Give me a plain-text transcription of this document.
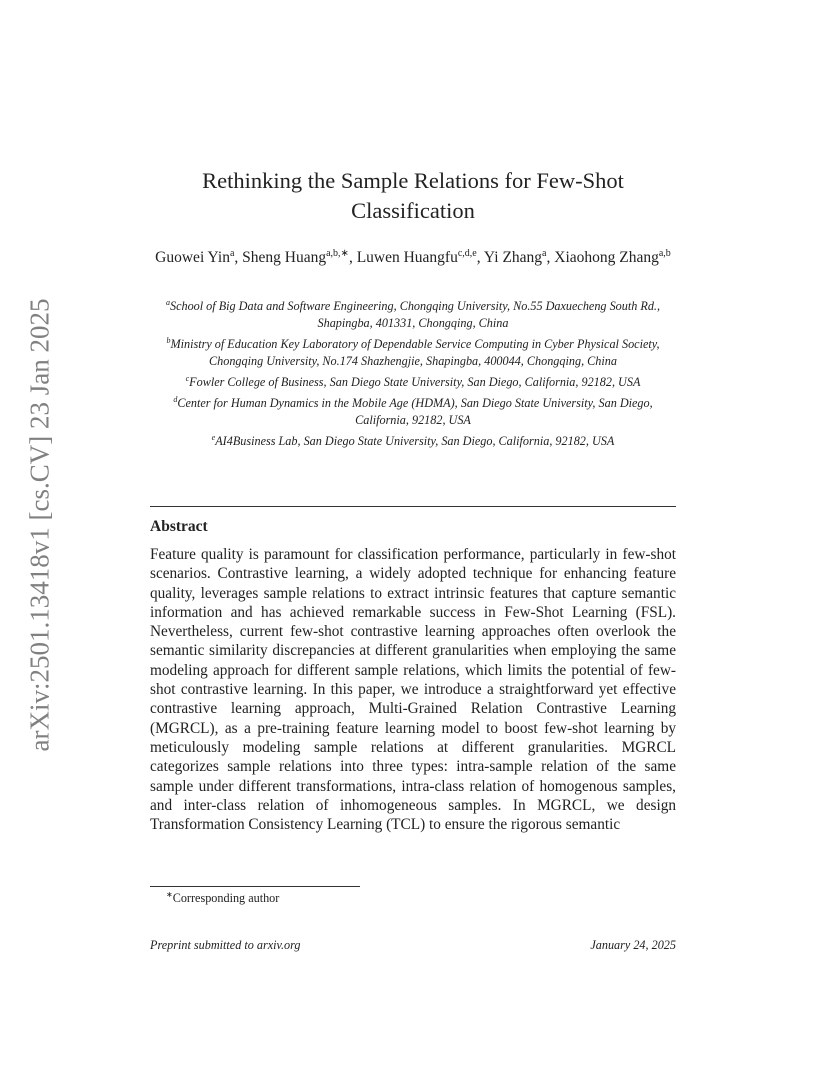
arXiv:2501.13418v1 [cs.CV] 23 Jan 2025
Rethinking the Sample Relations for Few-Shot
Classification
Guowei Yin$^a$, Sheng Huang$^{a,b,∗}$, Luwen Huangfu$^{c,d,e}$, Yi Zhang$^a$, Xiaohong Zhang$^{a,b}$
$^a$School of Big Data and Software Engineering, Chongqing University, No.55 Daxuecheng South Rd., Shapingba, 401331, Chongqing, China
$^b$Ministry of Education Key Laboratory of Dependable Service Computing in Cyber Physical Society, Chongqing University, No.174 Shazhengjie, Shapingba, 400044, Chongqing, China
$^c$Fowler College of Business, San Diego State University, San Diego, California, 92182, USA
$^d$Center for Human Dynamics in the Mobile Age (HDMA), San Diego State University, San Diego, California, 92182, USA
$^e$AI4Business Lab, San Diego State University, San Diego, California, 92182, USA
Abstract

Feature quality is paramount for classification performance, particularly in few-shot scenarios. Contrastive learning, a widely adopted technique for enhancing feature quality, leverages sample relations to extract intrinsic features that capture semantic information and has achieved remarkable success in Few-Shot Learning (FSL). Nevertheless, current few-shot contrastive learning approaches often overlook the semantic similarity discrepancies at different granularities when employing the same modeling approach for different sample relations, which limits the potential of few-shot contrastive learning. In this paper, we introduce a straightforward yet effective contrastive learning approach, Multi-Grained Relation Contrastive Learning (MGRCL), as a pre-training feature learning model to boost few-shot learning by meticulously modeling sample relations at different granularities. MGRCL categorizes sample relations into three types: intra-sample relation of the same sample under different transformations, intra-class relation of homogenous samples, and inter-class relation of inhomogeneous samples. In MGRCL, we design Transformation Consistency Learning (TCL) to ensure the rigorous semantic

∗Corresponding author
Preprint submitted to arxiv.org	January 24, 2025
